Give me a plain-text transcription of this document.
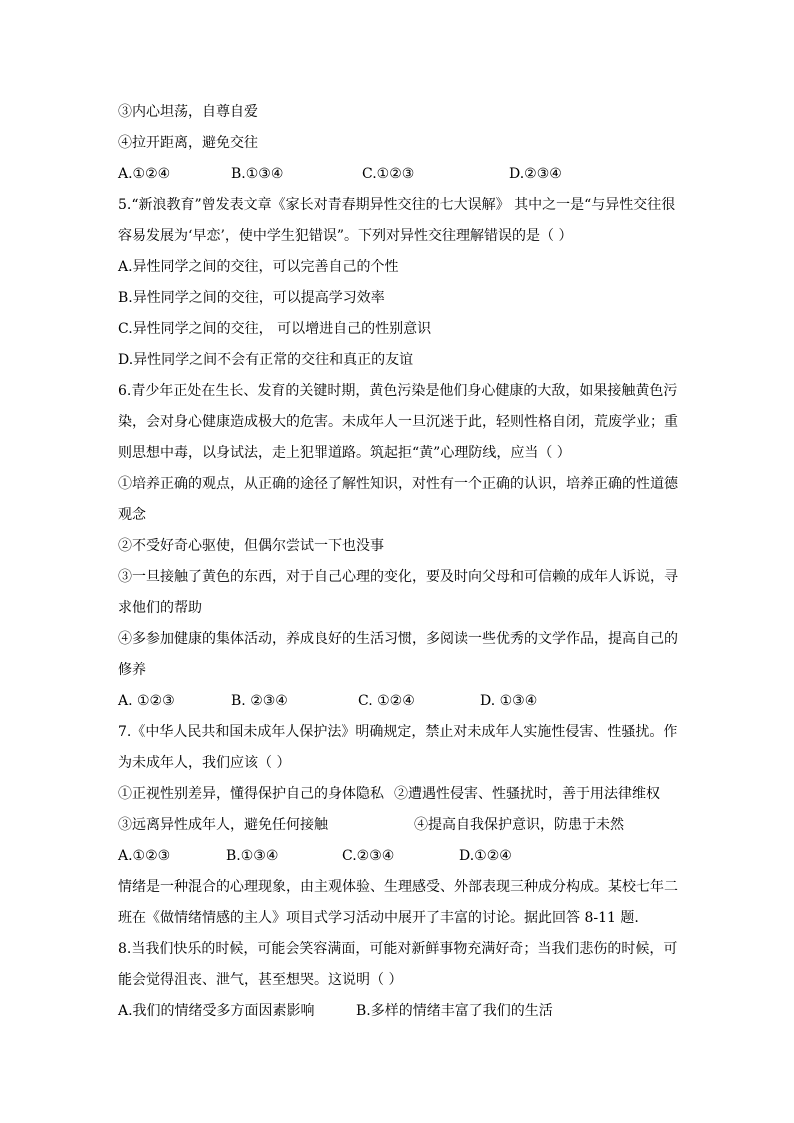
③内心坦荡，自尊自爱
④拉开距离，避免交往
A.①②④	B.①③④	C.①②③	D.②③④
5.“新浪教育”曾发表文章《家长对青春期异性交往的七大误解》 其中之一是“与异性交往很
容易发展为‘早恋’，使中学生犯错误”。下列对异性交往理解错误的是（ ）
A.异性同学之间的交往，可以完善自己的个性
B.异性同学之间的交往，可以提高学习效率
C.异性同学之间的交往， 可以增进自己的性别意识
D.异性同学之间不会有正常的交往和真正的友谊
6.青少年正处在生长、发育的关键时期，黄色污染是他们身心健康的大敌，如果接触黄色污
染，会对身心健康造成极大的危害。未成年人一旦沉迷于此，轻则性格自闭，荒废学业；重
则思想中毒，以身试法，走上犯罪道路。筑起拒“黄”心理防线，应当（ ）
①培养正确的观点，从正确的途径了解性知识，对性有一个正确的认识，培养正确的性道德
观念
②不受好奇心驱使，但偶尔尝试一下也没事
③一旦接触了黄色的东西，对于自己心理的变化，要及时向父母和可信赖的成年人诉说，寻
求他们的帮助
④多参加健康的集体活动，养成良好的生活习惯，多阅读一些优秀的文学作品，提高自己的
修养
A. ①②③	B. ②③④	C. ①②④	D. ①③④
7.《中华人民共和国未成年人保护法》明确规定，禁止对未成年人实施性侵害、性骚扰。作
为未成年人，我们应该（ ）
①正视性别差异，懂得保护自己的身体隐私 ②遭遇性侵害、性骚扰时，善于用法律维权
③远离异性成年人，避免任何接触	④提高自我保护意识，防患于未然
A.①②③	B.①③④	C.②③④	D.①②④
情绪是一种混合的心理现象，由主观体验、生理感受、外部表现三种成分构成。某校七年二
班在《做情绪情感的主人》项目式学习活动中展开了丰富的讨论。据此回答 8-11 题.
8.当我们快乐的时候，可能会笑容满面，可能对新鲜事物充满好奇；当我们悲伤的时候，可
能会觉得沮丧、泄气，甚至想哭。这说明（ ）
A.我们的情绪受多方面因素影响	B.多样的情绪丰富了我们的生活
